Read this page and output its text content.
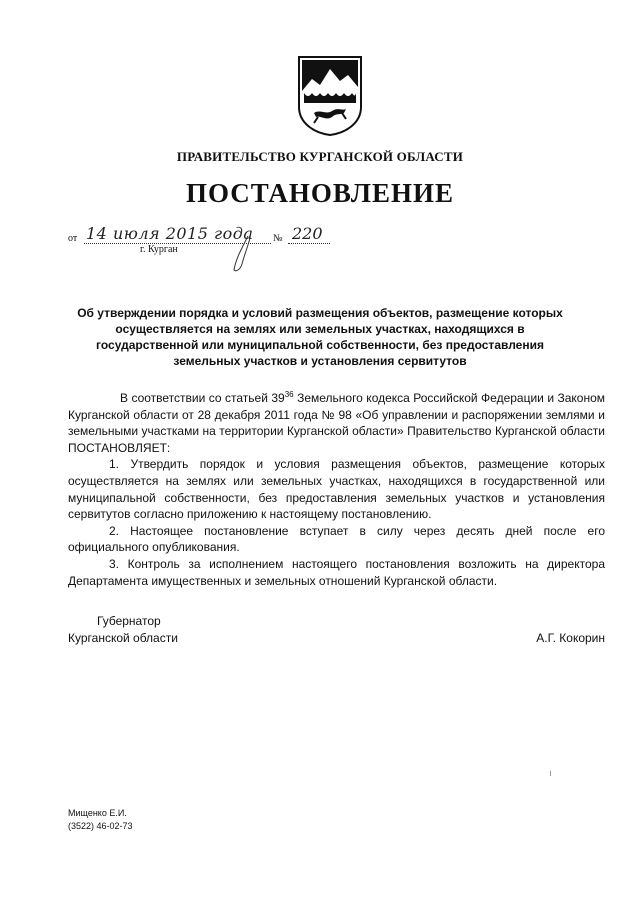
ПРАВИТЕЛЬСТВО КУРГАНСКОЙ ОБЛАСТИ
ПОСТАНОВЛЕНИЕ
от 14 июля 2015 года № 220
г. Курган
Об утверждении порядка и условий размещения объектов, размещение которых осуществляется на землях или земельных участках, находящихся в государственной или муниципальной собственности, без предоставления земельных участков и установления сервитутов

В соответствии со статьей $39^{36}$ Земельного кодекса Российской Федерации и Законом Курганской области от 28 декабря 2011 года № 98 «Об управлении и распоряжении землями и земельными участками на территории Курганской области» Правительство Курганской области ПОСТАНОВЛЯЕТ:

1. Утвердить порядок и условия размещения объектов, размещение которых осуществляется на землях или земельных участках, находящихся в государственной или муниципальной собственности, без предоставления земельных участков и установления сервитутов согласно приложению к настоящему постановлению.

2. Настоящее постановление вступает в силу через десять дней после его официального опубликования.

3. Контроль за исполнением настоящего постановления возложить на директора Департамента имущественных и земельных отношений Курганской области.

Губернатор
Курганской области	А.Г. Кокорин
Мищенко Е.И.
(3522) 46-02-73
